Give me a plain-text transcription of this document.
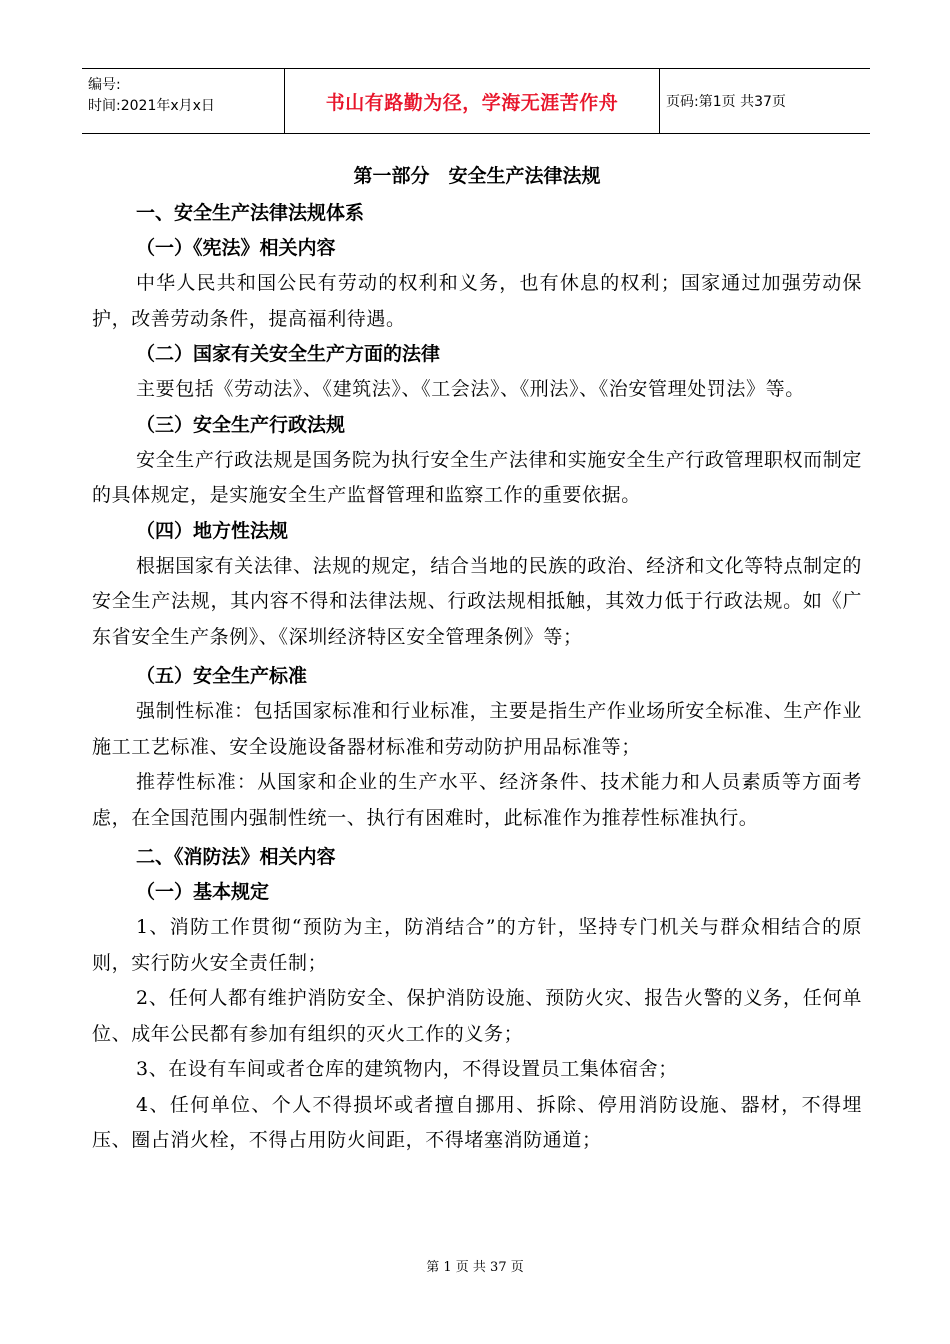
编号:
时间:2021年x月x日	书山有路勤为径，学海无涯苦作舟	页码:第1页 共37页
第一部分　安全生产法律法规
一、安全生产法律法规体系
（一）《宪法》相关内容
中华人民共和国公民有劳动的权利和义务，也有休息的权利；国家通过加强劳动保护，改善劳动条件，提高福利待遇。
（二）国家有关安全生产方面的法律
主要包括《劳动法》、《建筑法》、《工会法》、《刑法》、《治安管理处罚法》等。
（三）安全生产行政法规
安全生产行政法规是国务院为执行安全生产法律和实施安全生产行政管理职权而制定的具体规定，是实施安全生产监督管理和监察工作的重要依据。
（四）地方性法规
根据国家有关法律、法规的规定，结合当地的民族的政治、经济和文化等特点制定的安全生产法规，其内容不得和法律法规、行政法规相抵触，其效力低于行政法规。如《广东省安全生产条例》、《深圳经济特区安全管理条例》等；
（五）安全生产标准
强制性标准：包括国家标准和行业标准，主要是指生产作业场所安全标准、生产作业施工工艺标准、安全设施设备器材标准和劳动防护用品标准等；
推荐性标准：从国家和企业的生产水平、经济条件、技术能力和人员素质等方面考虑，在全国范围内强制性统一、执行有困难时，此标准作为推荐性标准执行。
二、《消防法》相关内容
（一）基本规定
1、消防工作贯彻“预防为主，防消结合”的方针，坚持专门机关与群众相结合的原则，实行防火安全责任制；
2、任何人都有维护消防安全、保护消防设施、预防火灾、报告火警的义务，任何单位、成年公民都有参加有组织的灭火工作的义务；
3、在设有车间或者仓库的建筑物内，不得设置员工集体宿舍；
4、任何单位、个人不得损坏或者擅自挪用、拆除、停用消防设施、器材，不得埋压、圈占消火栓，不得占用防火间距，不得堵塞消防通道；
第 1 页 共 37 页
